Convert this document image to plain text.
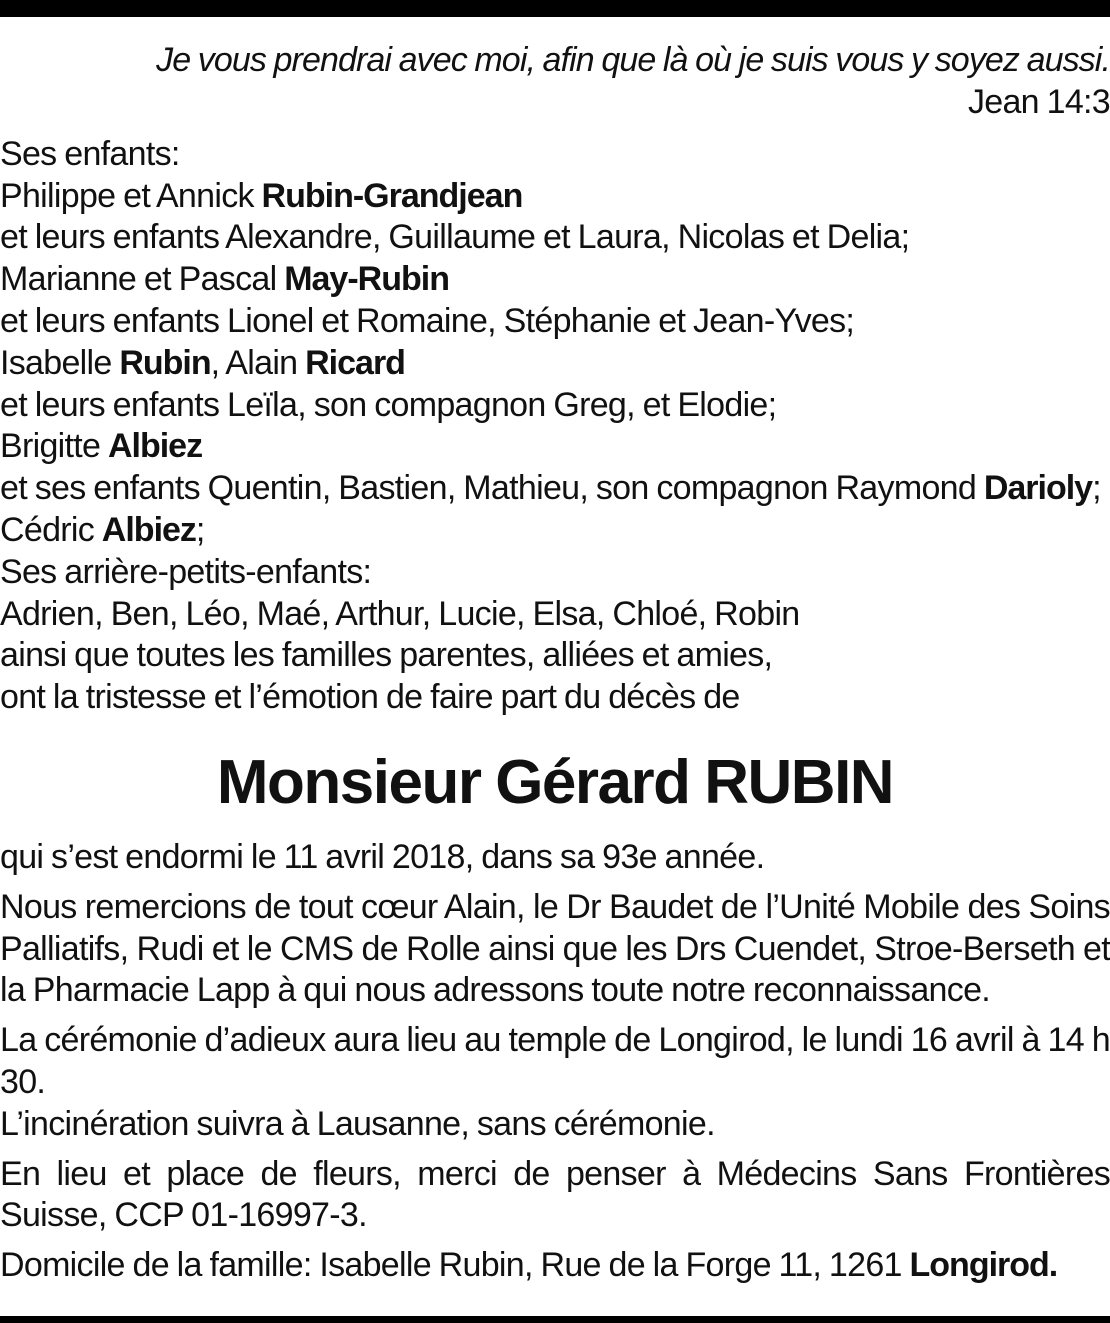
Je vous prendrai avec moi, afin que là où je suis vous y soyez aussi.
Jean 14:3
Ses enfants:
Philippe et Annick Rubin-Grandjean
et leurs enfants Alexandre, Guillaume et Laura, Nicolas et Delia;
Marianne et Pascal May-Rubin
et leurs enfants Lionel et Romaine, Stéphanie et Jean-Yves;
Isabelle Rubin, Alain Ricard
et leurs enfants Leïla, son compagnon Greg, et Elodie;
Brigitte Albiez
et ses enfants Quentin, Bastien, Mathieu, son compagnon Raymond Darioly;
Cédric Albiez;
Ses arrière-petits-enfants:
Adrien, Ben, Léo, Maé, Arthur, Lucie, Elsa, Chloé, Robin
ainsi que toutes les familles parentes, alliées et amies,
ont la tristesse et l’émotion de faire part du décès de
Monsieur Gérard RUBIN
qui s’est endormi le 11 avril 2018, dans sa 93e année.
Nous remercions de tout cœur Alain, le Dr Baudet de l’Unité Mobile des Soins Palliatifs, Rudi et le CMS de Rolle ainsi que les Drs Cuendet, Stroe-Berseth et la Pharmacie Lapp à qui nous adressons toute notre reconnaissance.
La cérémonie d’adieux aura lieu au temple de Longirod, le lundi 16 avril à 14 h 30.
L’incinération suivra à Lausanne, sans cérémonie.
En lieu et place de fleurs, merci de penser à Médecins Sans Frontières Suisse, CCP 01-16997-3.
Domicile de la famille: Isabelle Rubin, Rue de la Forge 11, 1261 Longirod.
